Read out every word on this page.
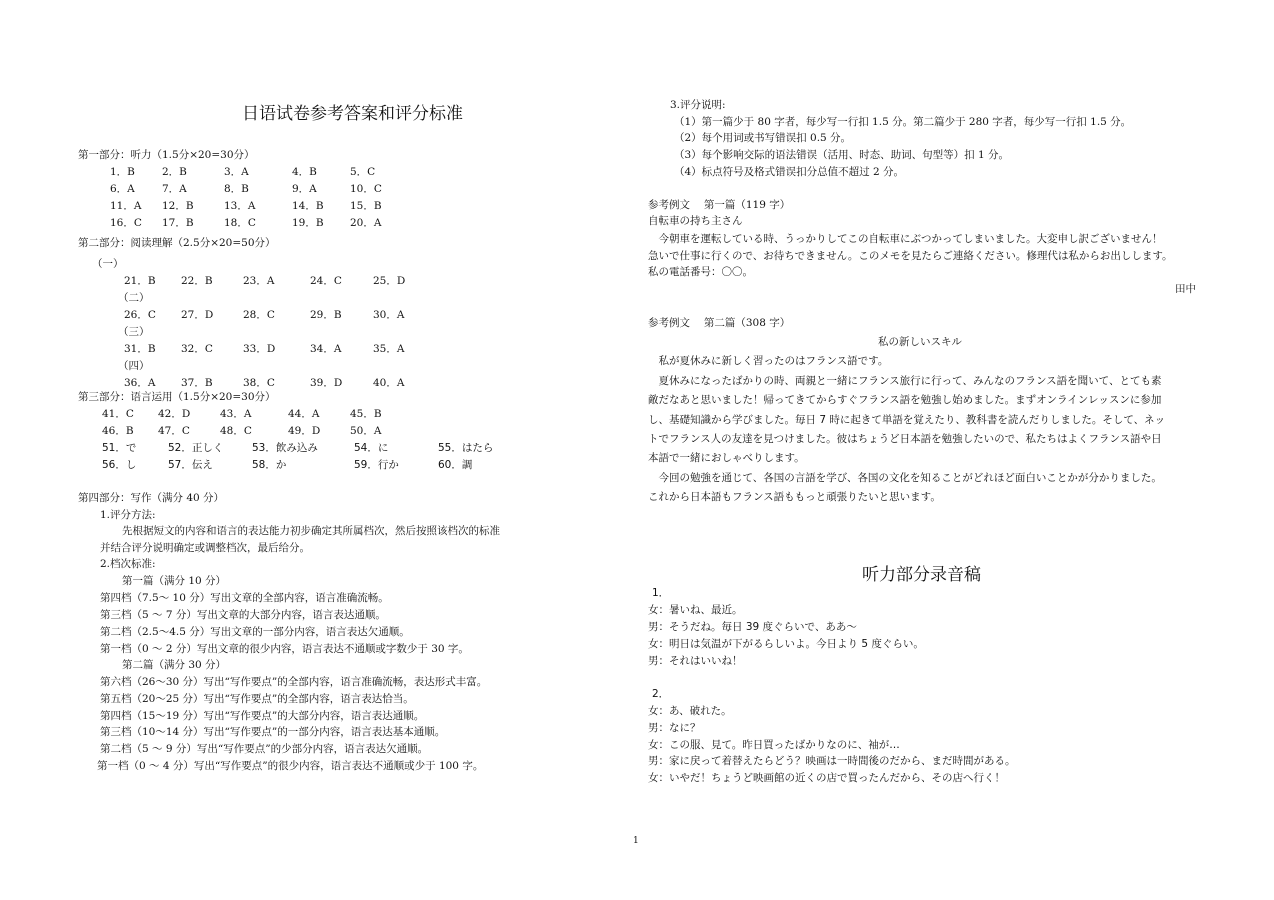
日语试卷参考答案和评分标准
第一部分：听力（1.5分×20=30分）
1．B	2．B	3．A	4．B	5．C
6．A	7．A	8．B	9．A	10．C
11．A 12．B	13．A	14．B	15．B
16．C 17．B	18．C	19．B	20．A
第二部分：阅读理解（2.5分×20=50分）
（一）
21．B 22．B	23．A	24．C	25．D
（二）
26．C 27．D	28．C	29．B	30．A
（三）
31．B 32．C	33．D	34．A	35．A
（四）
36．A 37．B	38．C	39．D	40．A
第三部分：语言运用（1.5分×20=30分）
41．C 42．D	43．A	44．A	45．B
46．B 47．C	48．C	49．D	50．A
51．で	52．正しく	53．飲み込み	54．に	55．はたら
56．し	57．伝え	58．か	59．行か	60．調
第四部分：写作（满分 40 分）
1.评分方法:
先根据短文的内容和语言的表达能力初步确定其所属档次，然后按照该档次的标准
并结合评分说明确定或调整档次，最后给分。
2.档次标准:
第一篇（满分 10 分）
第四档（7.5～ 10 分）写出文章的全部内容，语言准确流畅。
第三档（5 ～ 7 分）写出文章的大部分内容，语言表达通顺。
第二档（2.5～4.5 分）写出文章的一部分内容，语言表达欠通顺。
第一档（0 ～ 2 分）写出文章的很少内容，语言表达不通顺或字数少于 30 字。
第二篇（满分 30 分）
第六档（26～30 分）写出“写作要点”的全部内容，语言准确流畅，表达形式丰富。
第五档（20～25 分）写出“写作要点”的全部内容，语言表达恰当。
第四档（15～19 分）写出“写作要点”的大部分内容，语言表达通顺。
第三档（10～14 分）写出“写作要点”的一部分内容，语言表达基本通顺。
第二档（5 ～ 9 分）写出“写作要点”的少部分内容，语言表达欠通顺。
第一档（0 ～ 4 分）写出“写作要点”的很少内容，语言表达不通顺或少于 100 字。
3.评分说明:
（1）第一篇少于 80 字者，每少写一行扣 1.5 分。第二篇少于 280 字者，每少写一行扣 1.5 分。
（2）每个用词或书写错误扣 0.5 分。
（3）每个影响交际的语法错误（活用、时态、助词、句型等）扣 1 分。
（4）标点符号及格式错误扣分总值不超过 2 分。
参考例文　 第一篇（119 字）
自転車の持ち主さん
　今朝車を運転している時、うっかりしてこの自転車にぶつかってしまいました。大変申し訳ございません！
急いで仕事に行くので、お待ちできません。このメモを見たらご連絡ください。修理代は私からお出しします。
私の電話番号：〇〇。
田中
参考例文　 第二篇（308 字）
私の新しいスキル
　私が夏休みに新しく習ったのはフランス語です。
　夏休みになったばかりの時、両親と一緒にフランス旅行に行って、みんなのフランス語を聞いて、とても素
敵だなあと思いました！帰ってきてからすぐフランス語を勉強し始めました。まずオンラインレッスンに参加
し、基礎知識から学びました。毎日 7 時に起きて単語を覚えたり、教科書を読んだりしました。そして、ネッ
トでフランス人の友達を見つけました。彼はちょうど日本語を勉強したいので、私たちはよくフランス語や日
本語で一緒におしゃべりします。
　今回の勉強を通じて、各国の言語を学び、各国の文化を知ることがどれほど面白いことかが分かりました。
これから日本語もフランス語ももっと頑張りたいと思います。
听力部分录音稿
1．
女：暑いね、最近。
男：そうだね。毎日 39 度ぐらいで、ああ～
女：明日は気温が下がるらしいよ。今日より 5 度ぐらい。
男：それはいいね！
2．
女：あ、破れた。
男：なに？
女：この服、見て。昨日買ったばかりなのに、袖が…
男：家に戻って着替えたらどう？映画は一時間後のだから、まだ時間がある。
女：いやだ！ちょうど映画館の近くの店で買ったんだから、その店へ行く！
1
